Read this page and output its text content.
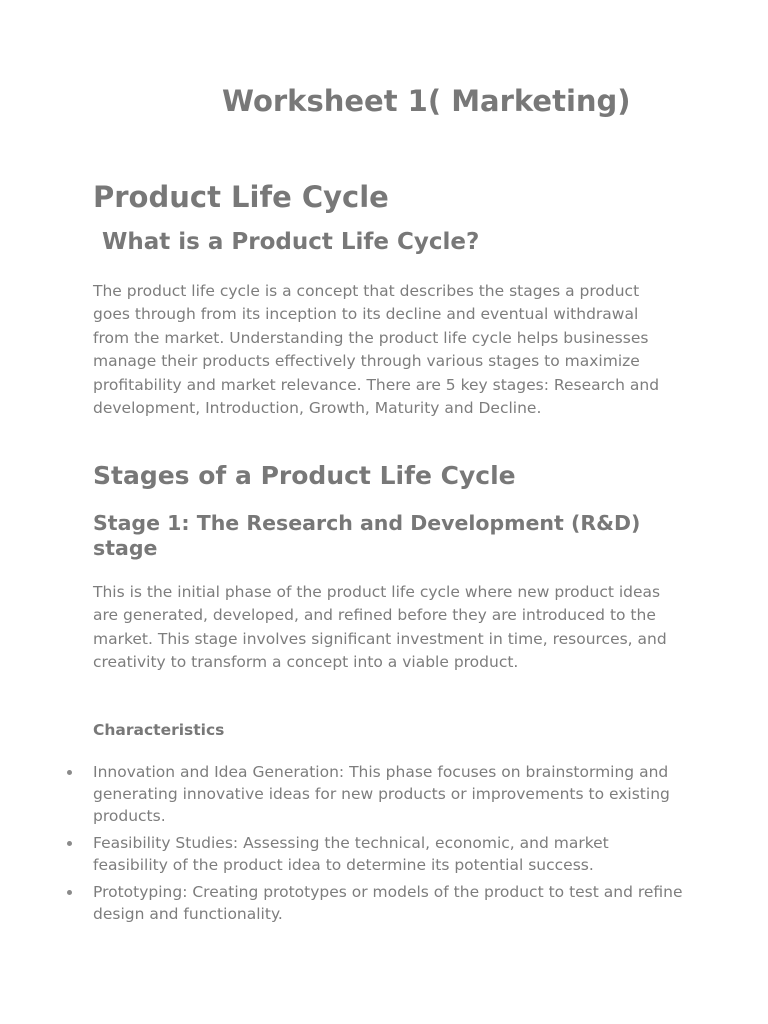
Worksheet 1( Marketing)
Product Life Cycle
What is a Product Life Cycle?

The product life cycle is a concept that describes the stages a product goes through from its inception to its decline and eventual withdrawal from the market. Understanding the product life cycle helps businesses manage their products effectively through various stages to maximize profitability and market relevance. There are 5 key stages: Research and development, Introduction, Growth, Maturity and Decline.

Stages of a Product Life Cycle
Stage 1: The Research and Development (R&D) stage

This is the initial phase of the product life cycle where new product ideas are generated, developed, and refined before they are introduced to the market. This stage involves significant investment in time, resources, and creativity to transform a concept into a viable product.

Characteristics
Innovation and Idea Generation: This phase focuses on brainstorming and generating innovative ideas for new products or improvements to existing products.
Feasibility Studies: Assessing the technical, economic, and market feasibility of the product idea to determine its potential success.
Prototyping: Creating prototypes or models of the product to test and refine design and functionality.
